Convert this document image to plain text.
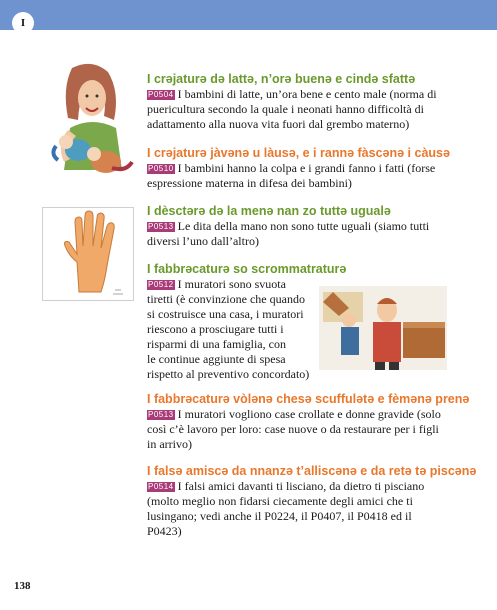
I
I crəjaturə də lattə, n’orə buenə e cində sfattə

P0504 I bambini di latte, un’ora bene e cento male (norma di puericultura secondo la quale i neonati hanno difficoltà di adattamento alla nuova vita fuori dal grembo materno)

I crəjaturə jàvənə u làusə, e i rannə fàscənə i càusə

P0510 I bambini hanno la colpa e i grandi fanno i fatti (forse espressione materna in difesa dei bambini)

I dèsctərə də la menə nan zo tuttə ugualə

P0513 Le dita della mano non sono tutte uguali (siamo tutti diversi l’uno dall’altro)

I fabbrəcaturə so scrommatraturə

P0512 I muratori sono svuota

tiretti (è convinzione che quando

si costruisce una casa, i muratori

riescono a prosciugare tutti i

risparmi di una famiglia, con

le continue aggiunte di spesa

rispetto al preventivo concordato)

I fabbrəcaturə vòlənə chesə scuffulətə e fèmənə prenə

P0513 I muratori vogliono case crollate e donne gravide (solo così c’è lavoro per loro: case nuove o da restaurare per i figli in arrivo)

I falsə amiscə da nnanzə t’alliscənə e da retə tə piscənə

P0514 I falsi amici davanti ti lisciano, da dietro ti pisciano (molto meglio non fidarsi ciecamente degli amici che ti lusingano; vedi anche il P0224, il P0407, il P0418 ed il P0423)

138
